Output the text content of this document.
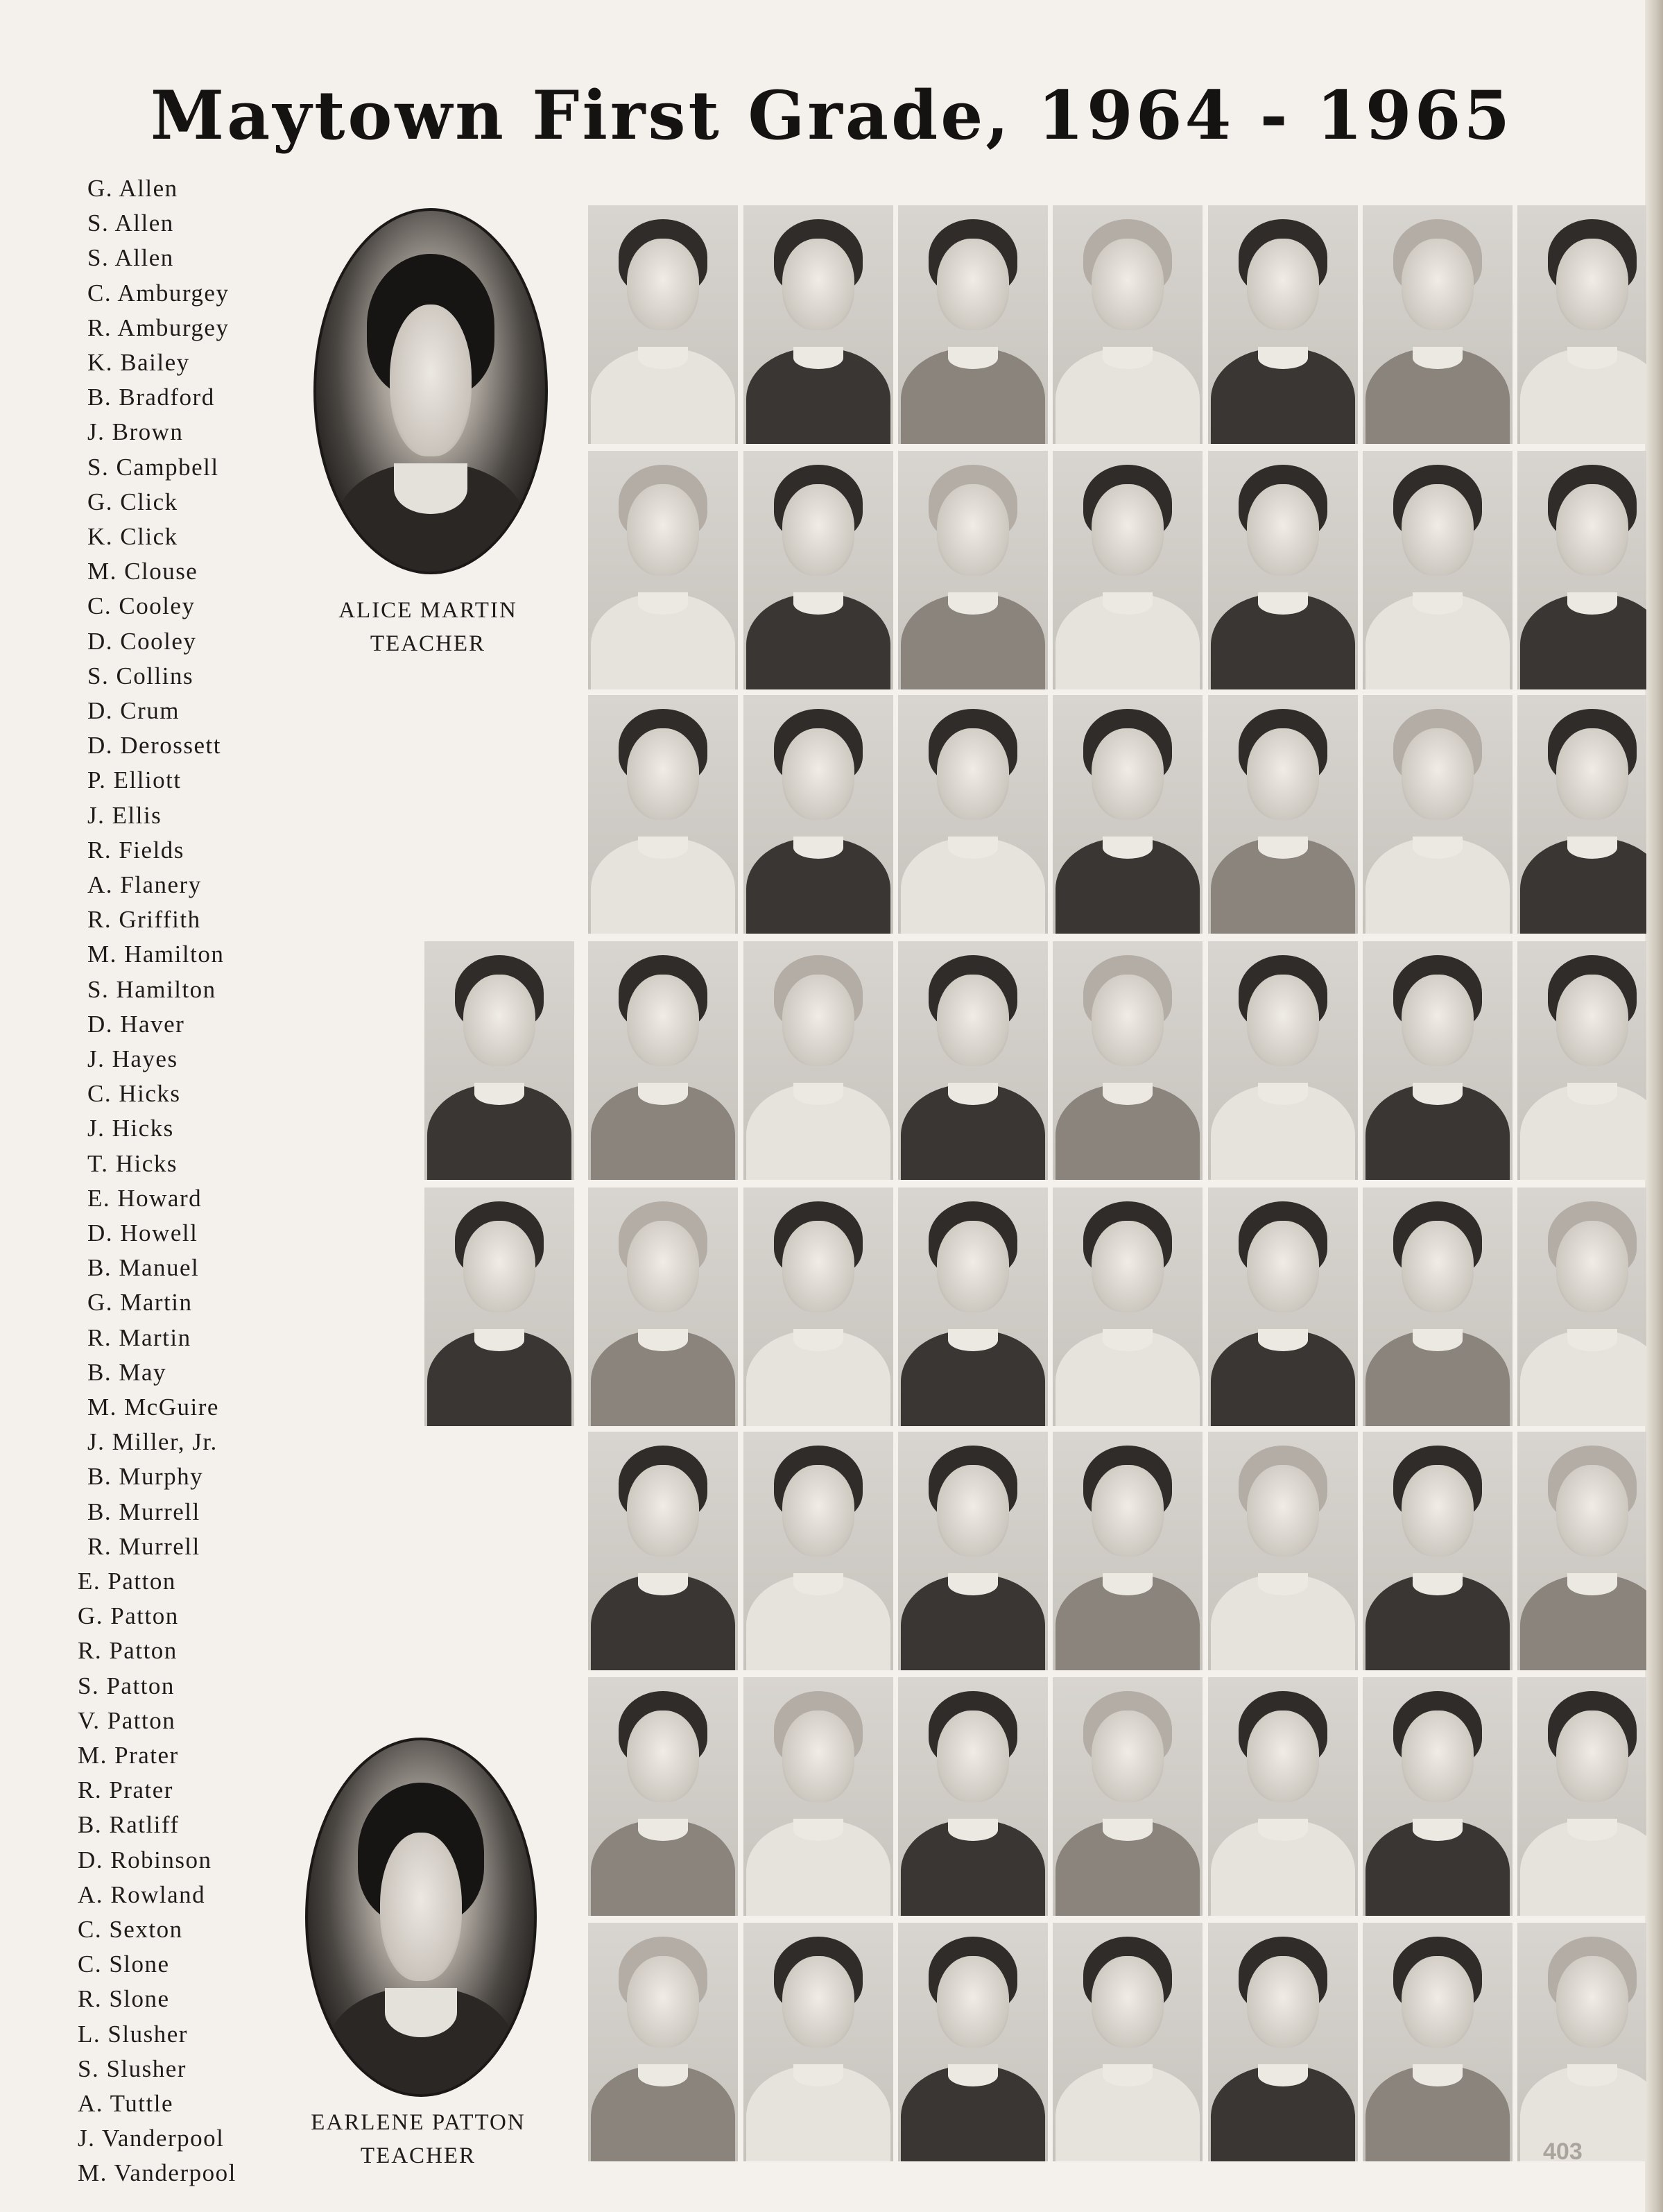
Maytown First Grade, 1964 - 1965
G. Allen
S. Allen
S. Allen
C. Amburgey
R. Amburgey
K. Bailey
B. Bradford
J. Brown
S. Campbell
G. Click
K. Click
M. Clouse
C. Cooley
D. Cooley
S. Collins
D. Crum
D. Derossett
P. Elliott
J. Ellis
R. Fields
A. Flanery
R. Griffith
M. Hamilton
S. Hamilton
D. Haver
J. Hayes
C. Hicks
J. Hicks
T. Hicks
E. Howard
D. Howell
B. Manuel
G. Martin
R. Martin
B. May
M. McGuire
J. Miller, Jr.
B. Murphy
B. Murrell
R. Murrell
E. Patton
G. Patton
R. Patton
S. Patton
V. Patton
M. Prater
R. Prater
B. Ratliff
D. Robinson
A. Rowland
C. Sexton
C. Slone
R. Slone
L. Slusher
S. Slusher
A. Tuttle
J. Vanderpool
M. Vanderpool
ALICE MARTIN
TEACHER
EARLENE PATTON
TEACHER	403
